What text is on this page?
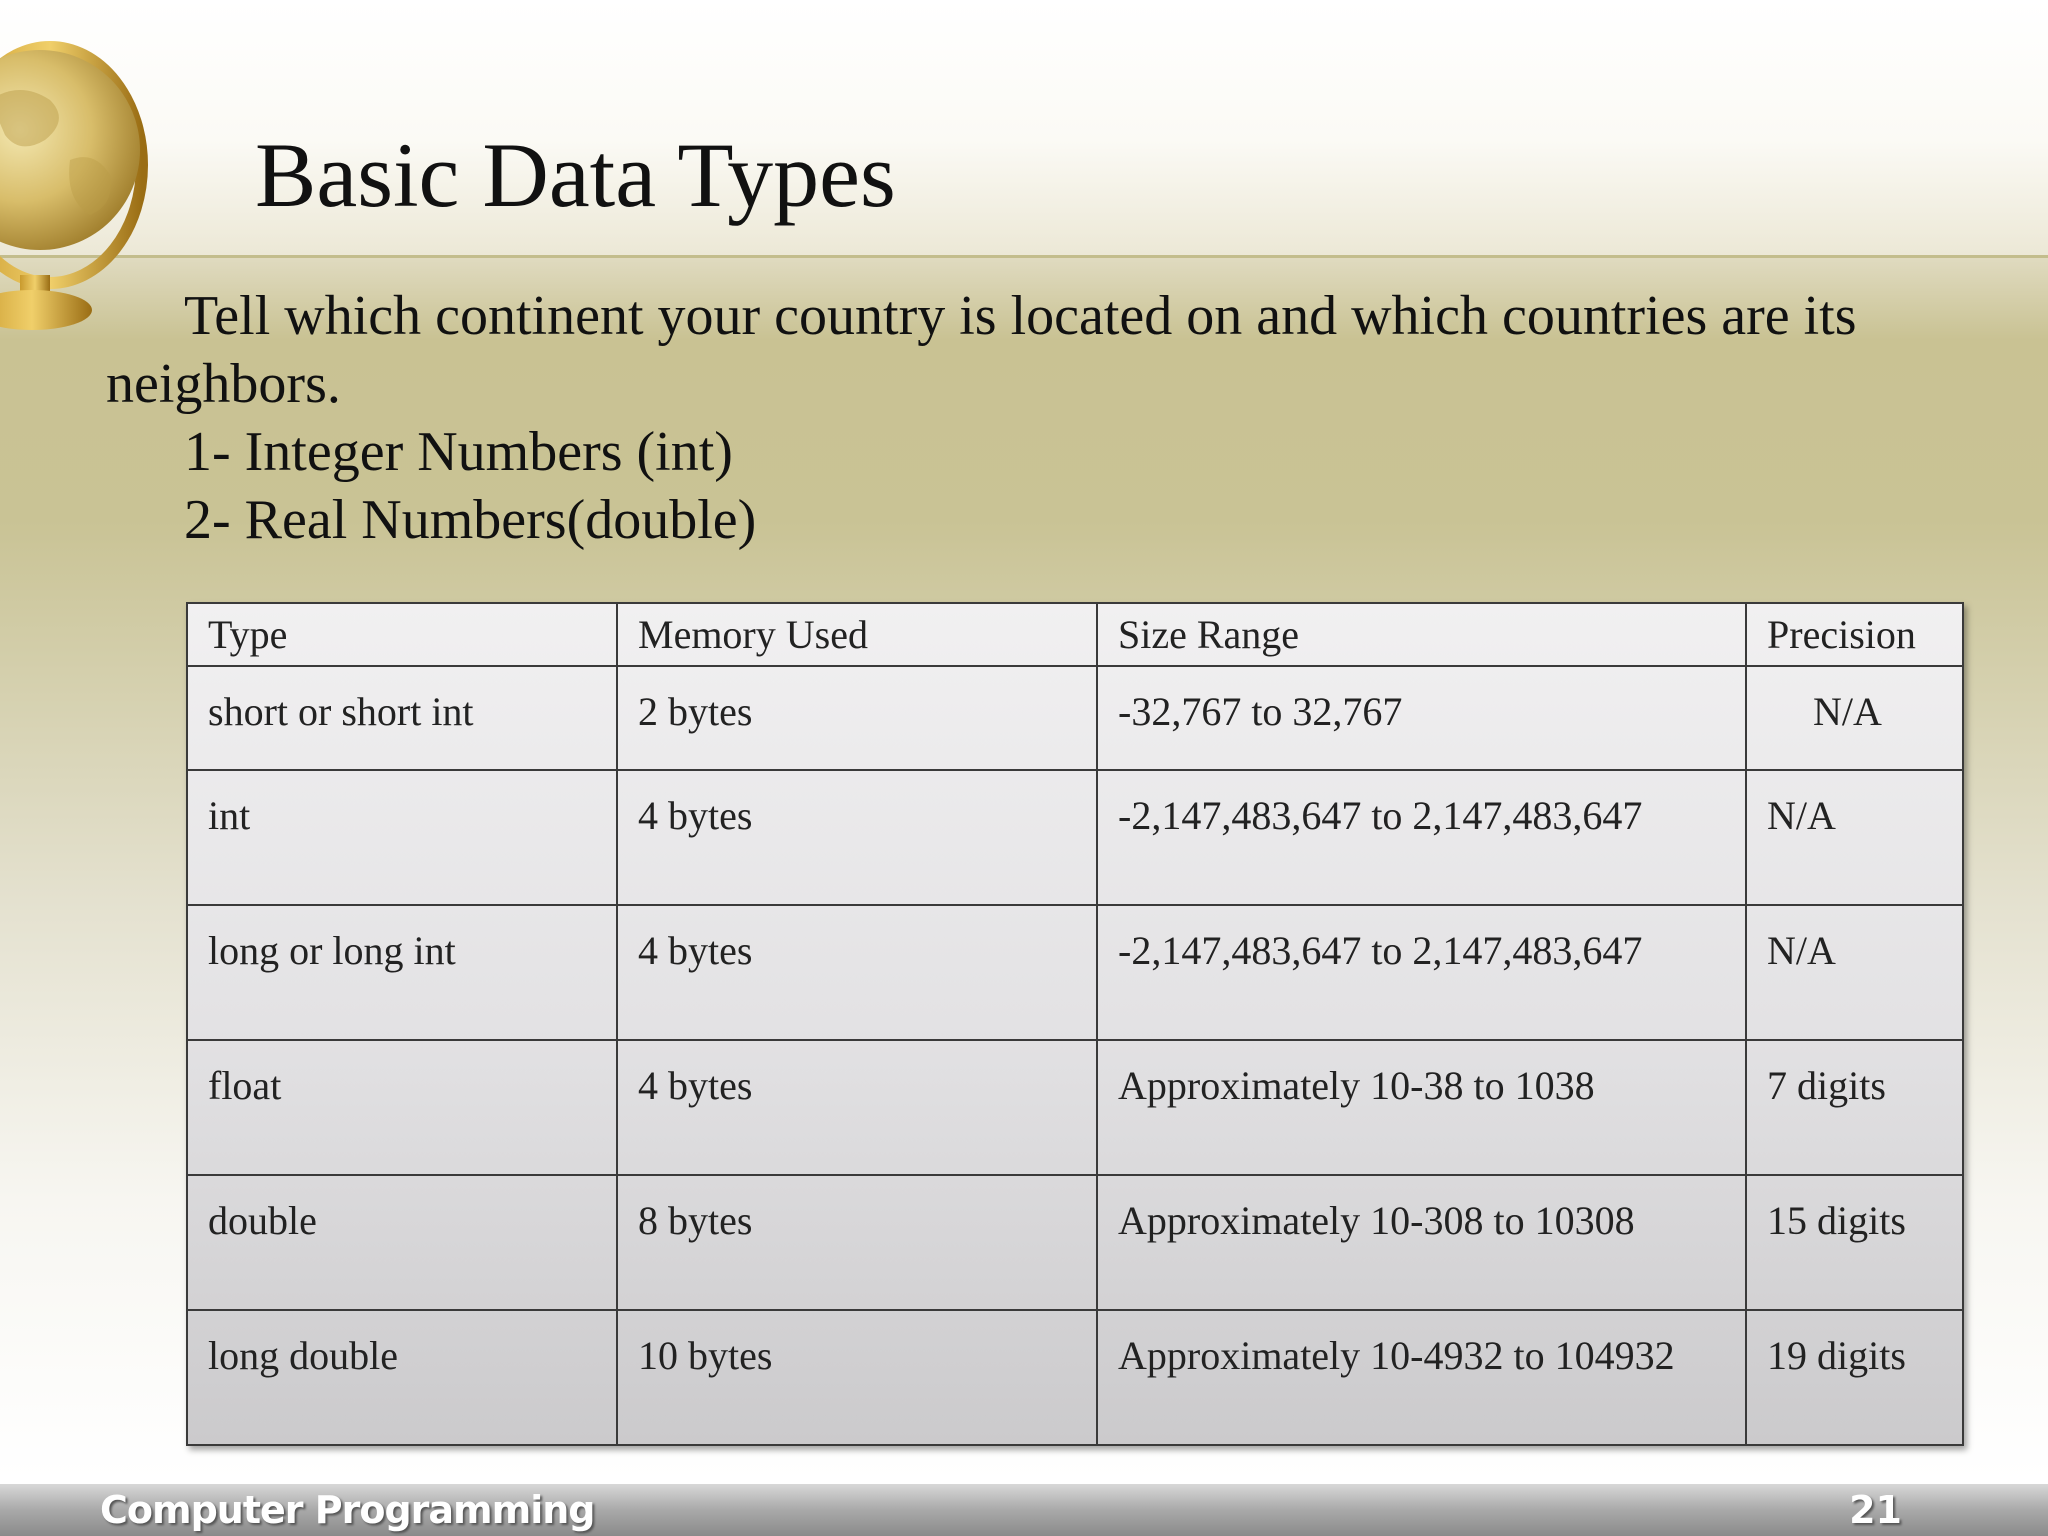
Basic Data Types

Tell which continent your country is located on and which countries are its neighbors.

1- Integer Numbers (int)

2- Real Numbers(double)

Type	Memory Used	Size Range	Precision
short or short int	2 bytes	-32,767 to 32,767	N/A
int	4 bytes	-2,147,483,647 to 2,147,483,647	N/A
long or long int	4 bytes	-2,147,483,647 to 2,147,483,647	N/A
float	4 bytes	Approximately 10-38 to 1038	7 digits
double	8 bytes	Approximately 10-308 to 10308	15 digits
long double	10 bytes	Approximately 10-4932 to 104932	19 digits
Computer Programming	21
